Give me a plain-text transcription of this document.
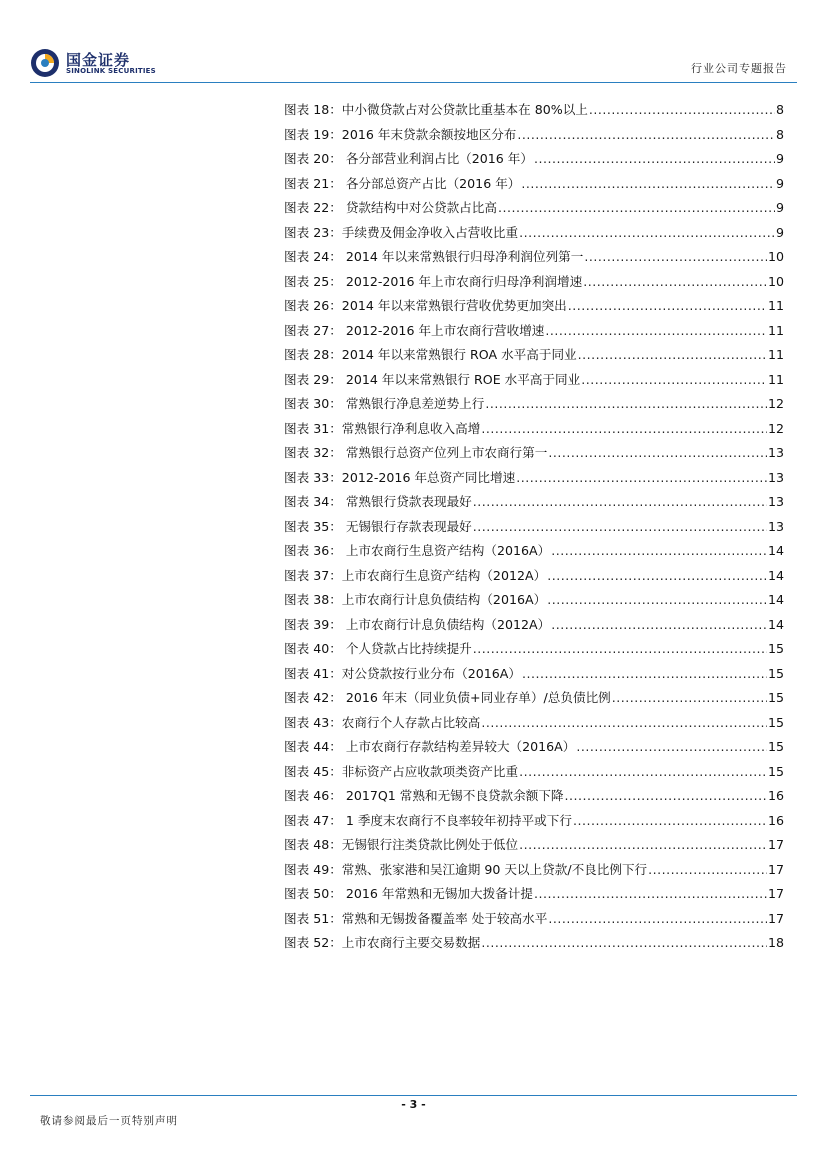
国金证券
SINOLINK SECURITIES	行业公司专题报告
图表 18：中小微贷款占对公贷款比重基本在 80%以上 .....	8
图表 19：2016 年末贷款余额按地区分布 .....	8
图表 20： 各分部营业利润占比（2016 年） .....	9
图表 21： 各分部总资产占比（2016 年） .....	9
图表 22： 贷款结构中对公贷款占比高 .....	9
图表 23：手续费及佣金净收入占营收比重 .....	9
图表 24： 2014 年以来常熟银行归母净利润位列第一 .....	10
图表 25： 2012-2016 年上市农商行归母净利润增速 .....	10
图表 26：2014 年以来常熟银行营收优势更加突出 .....	11
图表 27： 2012-2016 年上市农商行营收增速 .....	11
图表 28：2014 年以来常熟银行 ROA 水平高于同业 .....	11
图表 29： 2014 年以来常熟银行 ROE 水平高于同业 .....	11
图表 30： 常熟银行净息差逆势上行 .....	12
图表 31：常熟银行净利息收入高增 .....	12
图表 32： 常熟银行总资产位列上市农商行第一 .....	13
图表 33：2012-2016 年总资产同比增速 .....	13
图表 34： 常熟银行贷款表现最好 .....	13
图表 35： 无锡银行存款表现最好 .....	13
图表 36： 上市农商行生息资产结构（2016A） .....	14
图表 37：上市农商行生息资产结构（2012A） .....	14
图表 38：上市农商行计息负债结构（2016A） .....	14
图表 39： 上市农商行计息负债结构（2012A） .....	14
图表 40： 个人贷款占比持续提升 .....	15
图表 41：对公贷款按行业分布（2016A） .....	15
图表 42： 2016 年末（同业负债+同业存单）/总负债比例 .....	15
图表 43：农商行个人存款占比较高 .....	15
图表 44： 上市农商行存款结构差异较大（2016A） .....	15
图表 45：非标资产占应收款项类资产比重 .....	15
图表 46： 2017Q1 常熟和无锡不良贷款余额下降 .....	16
图表 47： 1 季度末农商行不良率较年初持平或下行 .....	16
图表 48：无锡银行注类贷款比例处于低位 .....	17
图表 49：常熟、张家港和吴江逾期 90 天以上贷款/不良比例下行 .....	17
图表 50： 2016 年常熟和无锡加大拨备计提 .....	17
图表 51：常熟和无锡拨备覆盖率 处于较高水平 .....	17
图表 52：上市农商行主要交易数据 .....	18
- 3 -
敬请参阅最后一页特别声明
